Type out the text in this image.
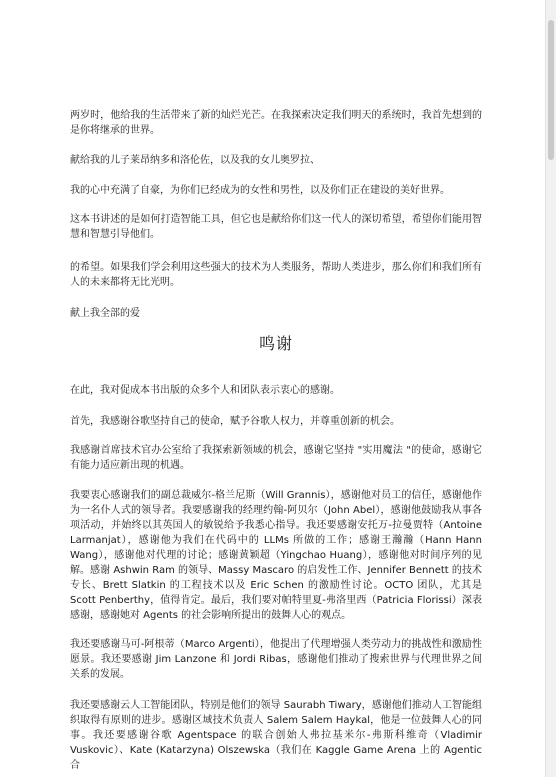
两岁时，他给我的生活带来了新的灿烂光芒。在我探索决定我们明天的系统时，我首先想到的是你将继承的世界。

献给我的儿子莱昂纳多和洛伦佐，以及我的女儿奥罗拉、

我的心中充满了自豪，为你们已经成为的女性和男性，以及你们正在建设的美好世界。

这本书讲述的是如何打造智能工具，但它也是献给你们这一代人的深切希望，希望你们能用智慧和智慧引导他们。

的希望。如果我们学会利用这些强大的技术为人类服务，帮助人类进步，那么你们和我们所有人的未来都将无比光明。

献上我全部的爱

鸣谢

在此，我对促成本书出版的众多个人和团队表示衷心的感谢。

首先，我感谢谷歌坚持自己的使命，赋予谷歌人权力，并尊重创新的机会。

我感谢首席技术官办公室给了我探索新领域的机会，感谢它坚持 "实用魔法 "的使命，感谢它有能力适应新出现的机遇。

我要衷心感谢我们的副总裁威尔-格兰尼斯（Will Grannis），感谢他对员工的信任，感谢他作为一名仆人式的领导者。我要感谢我的经理约翰-阿贝尔（John Abel），感谢他鼓励我从事各项活动，并始终以其英国人的敏锐给予我悉心指导。我还要感谢安托万-拉曼贾特（Antoine Larmanjat），感谢他为我们在代码中的 LLMs 所做的工作；感谢王瀚瀚（Hann Hann Wang），感谢他对代理的讨论；感谢黄颖超（Yingchao Huang），感谢他对时间序列的见解。感谢 Ashwin Ram 的领导、Massy Mascaro 的启发性工作、Jennifer Bennett 的技术专长、Brett Slatkin 的工程技术以及 Eric Schen 的激励性讨论。OCTO 团队，尤其是 Scott Penberthy，值得肯定。最后，我们要对帕特里夏-弗洛里西（Patricia Florissi）深表感谢，感谢她对 Agents 的社会影响所提出的鼓舞人心的观点。

我还要感谢马可-阿根蒂（Marco Argenti），他提出了代理增强人类劳动力的挑战性和激励性愿景。我还要感谢 Jim Lanzone 和 Jordi Ribas，感谢他们推动了搜索世界与代理世界之间关系的发展。

我还要感谢云人工智能团队，特别是他们的领导 Saurabh Tiwary，感谢他们推动人工智能组织取得有原则的进步。感谢区域技术负责人 Salem Salem Haykal，他是一位鼓舞人心的同事。我还要感谢谷歌 Agentspace 的联合创始人弗拉基米尔-弗斯科维奇（Vladimir Vuskovic）、Kate (Katarzyna) Olszewska（我们在 Kaggle Game Arena 上的 Agentic 合
